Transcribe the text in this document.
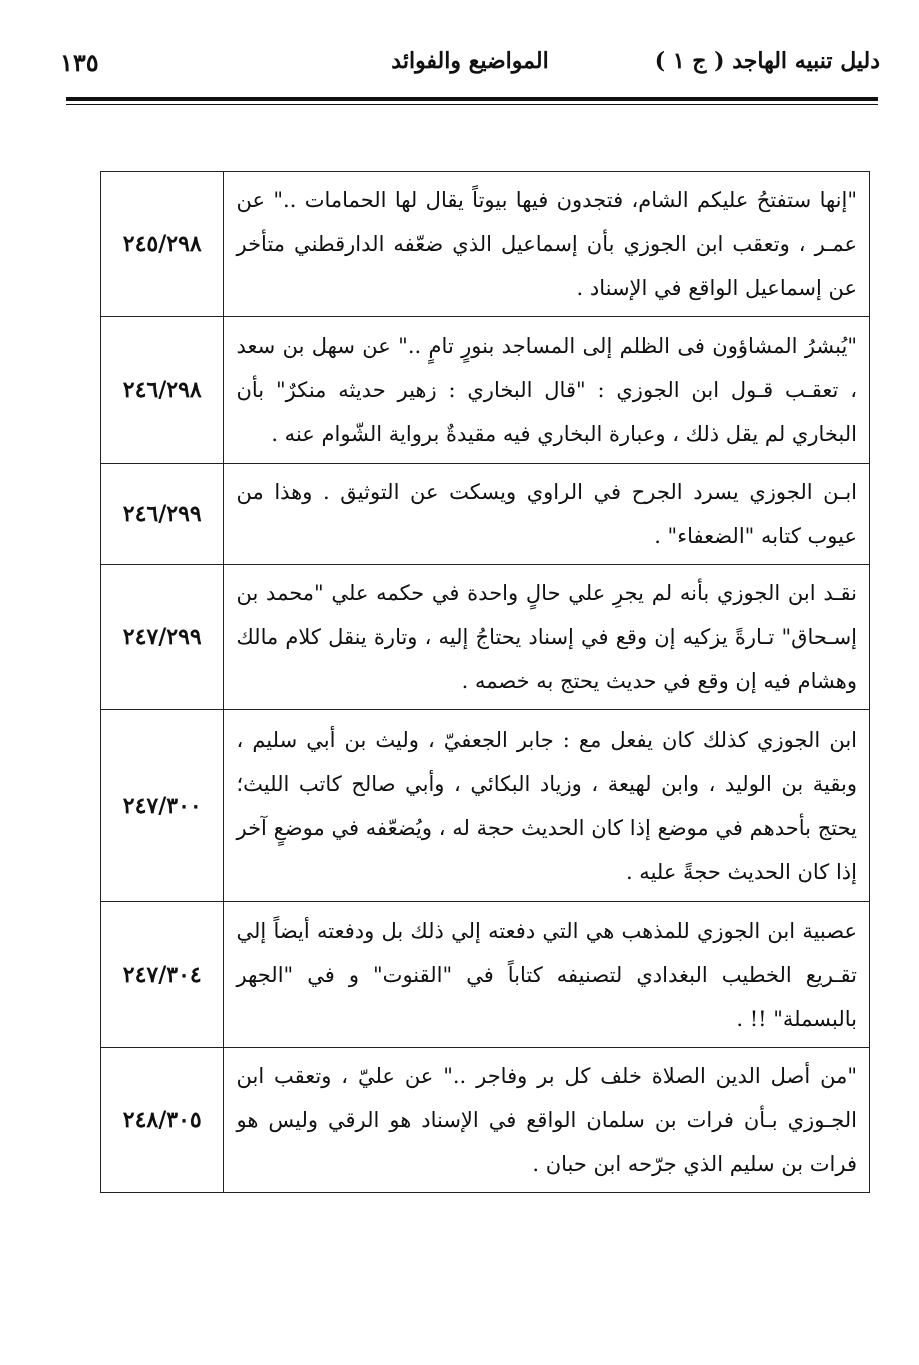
دليل تنبيه الهاجد ( ج ١ )
المواضيع والفوائد
١٣٥
"إنها ستفتحُ عليكم الشام، فتجدون فيها بيوتاً يقال لها الحمامات .." عن عمـر ، وتعقب ابن الجوزي بأن إسماعيل الذي ضعّفه الدارقطني متأخر عن إسماعيل الواقع في الإسناد .	٢٤٥/٢٩٨
"يُبشرُ المشاؤون فى الظلم إلى المساجد بنورٍ تامٍ .." عن سهل بن سعد ، تعقـب قـول ابن الجوزي : "قال البخاري : زهير حديثه منكرٌ" بأن البخاري لم يقل ذلك ، وعبارة البخاري فيه مقيدةٌ برواية الشّوام عنه .	٢٤٦/٢٩٨
ابـن الجوزي يسرد الجرح في الراوي ويسكت عن التوثيق . وهذا من عيوب كتابه "الضعفاء" .	٢٤٦/٢٩٩
نقـد ابن الجوزي بأنه لم يجرِ علي حالٍ واحدة في حكمه علي "محمد بن إسـحاق" تـارةً يزكيه إن وقع في إسناد يحتاجُ إليه ، وتارة ينقل كلام مالك وهشام فيه إن وقع في حديث يحتج به خصمه .	٢٤٧/٢٩٩
ابن الجوزي كذلك كان يفعل مع : جابر الجعفيّ ، وليث بن أبي سليم ، وبقية بن الوليد ، وابن لهيعة ، وزياد البكائي ، وأبي صالح كاتب الليث؛ يحتج بأحدهم في موضع إذا كان الحديث حجة له ، ويُضعّفه في موضعٍ آخر إذا كان الحديث حجةً عليه .	٢٤٧/٣٠٠
عصبية ابن الجوزي للمذهب هي التي دفعته إلي ذلك بل ودفعته أيضاً إلي تقـريع الخطيب البغدادي لتصنيفه كتاباً في "القنوت" و في "الجهر بالبسملة" !! .	٢٤٧/٣٠٤
"من أصل الدين الصلاة خلف كل بر وفاجر .." عن عليّ ، وتعقب ابن الجـوزي بـأن فرات بن سلمان الواقع في الإسناد هو الرقي وليس هو فرات بن سليم الذي جرّحه ابن حبان .	٢٤٨/٣٠٥
